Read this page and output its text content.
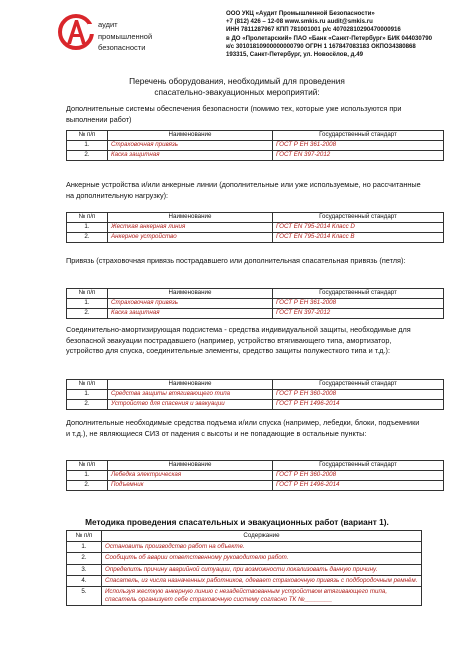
аудит
промышленной
безопасности
ООО УКЦ «Аудит Промышленной Безопасности»
+7 (812) 426 – 12-08 www.smkis.ru audit@smkis.ru
ИНН 7811287967 КПП 781001001 р/с 40702810290470000916
в ДО «Пролетарский» ПАО «Банк «Санкт-Петербург» БИК 044030790
к/с 30101810900000000790 ОГРН 1 167847083183 ОКПО34380868
193315, Санкт-Петербург, ул. Новосёлов, д.49
Перечень оборудования, необходимый для проведения
спасательно-эвакуационных мероприятий:
Дополнительные системы обеспечения безопасности (помимо тех, которые уже используются при выполнении работ)
№ п/п	Наименование	Государственный стандарт
1.	Страховочная привязь	ГОСТ Р ЕН 361-2008
2.	Каска защитная	ГОСТ ЕN 397-2012
Анкерные устройства и/или анкерные линии (дополнительные или уже используемые, но рассчитанные на дополнительную нагрузку):
№ п/п	Наименование	Государственный стандарт
1.	Жесткая анкерная линия	ГОСТ EN 795-2014 Класс D
2.	Анкерное устройство	ГОСТ EN 795-2014 Класс В
Привязь (страховочная привязь пострадавшего или дополнительная спасательная привязь (петля):
№ п/п	Наименование	Государственный стандарт
1.	Страховочная привязь	ГОСТ Р ЕН 361-2008
2.	Каска защитная	ГОСТ ЕN 397-2012
Соединительно-амортизирующая подсистема - средства индивидуальной защиты, необходимые для безопасной эвакуации пострадавшего (например, устройство втягивающего типа, амортизатор, устройство для спуска, соединительные элементы, средство защиты полужесткого типа и т.д.):
№ п/п	Наименование	Государственный стандарт
1.	Средства защиты втягивающего типа	ГОСТ Р ЕН 360-2008
2.	Устройство для спасения и эвакуации	ГОСТ Р ЕН 1496-2014
Дополнительные необходимые средства подъема и/или спуска (например, лебедки, блоки, подъемники и т.д.), не являющиеся СИЗ от падения с высоты и не попадающие в остальные пункты:
№ п/п	Наименование	Государственный стандарт
1.	Лебедка электрическая	ГОСТ Р ЕН 360-2008
2.	Подъемник	ГОСТ Р ЕН 1496-2014
Методика проведения спасательных и эвакуационных работ (вариант 1).
№ п/п	Содержание
1.	Остановить производство работ на объекте.
2.	Сообщить об аварии ответственному руководителю работ.
3.	Определить причину аварийной ситуации, при возможности локализовать данную причину.
4.	Спасатель, из числа назначенных работников, одевает страховочную привязь с подбородочным ремнём.
5.	Используя жесткую анкерную линию с незадействованным устройством втягивающего типа, спасатель организует себе страховочную систему согласно ТК №________
